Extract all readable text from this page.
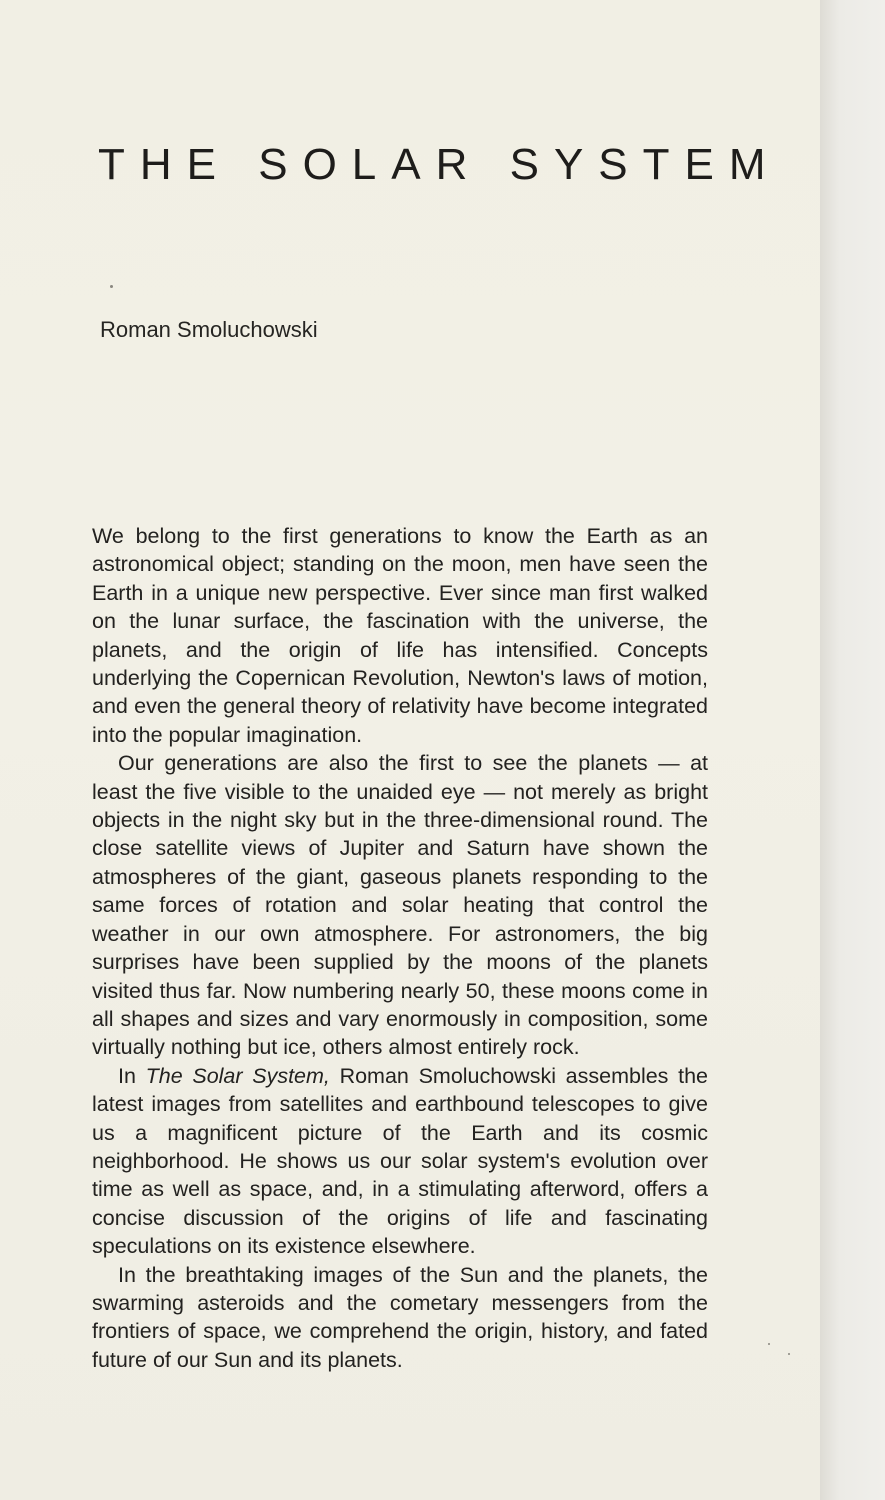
THE SOLAR SYSTEM

Roman Smoluchowski

We belong to the first generations to know the Earth as an astronomical object; standing on the moon, men have seen the Earth in a unique new perspective. Ever since man first walked on the lunar surface, the fascination with the universe, the planets, and the origin of life has intensified. Concepts underlying the Copernican Revolution, Newton's laws of motion, and even the general theory of relativity have become integrated into the popular imagination.

Our generations are also the first to see the planets — at least the five visible to the unaided eye — not merely as bright objects in the night sky but in the three-dimensional round. The close satellite views of Jupiter and Saturn have shown the atmospheres of the giant, gaseous planets responding to the same forces of rotation and solar heating that control the weather in our own atmosphere. For astronomers, the big surprises have been supplied by the moons of the planets visited thus far. Now numbering nearly 50, these moons come in all shapes and sizes and vary enormously in composition, some virtually nothing but ice, others almost entirely rock.

In The Solar System, Roman Smoluchowski assembles the latest images from satellites and earthbound telescopes to give us a magnificent picture of the Earth and its cosmic neighborhood. He shows us our solar system's evolution over time as well as space, and, in a stimulating afterword, offers a concise discussion of the origins of life and fascinating speculations on its existence elsewhere.

In the breathtaking images of the Sun and the planets, the swarming asteroids and the cometary messengers from the frontiers of space, we comprehend the origin, history, and fated future of our Sun and its planets.
